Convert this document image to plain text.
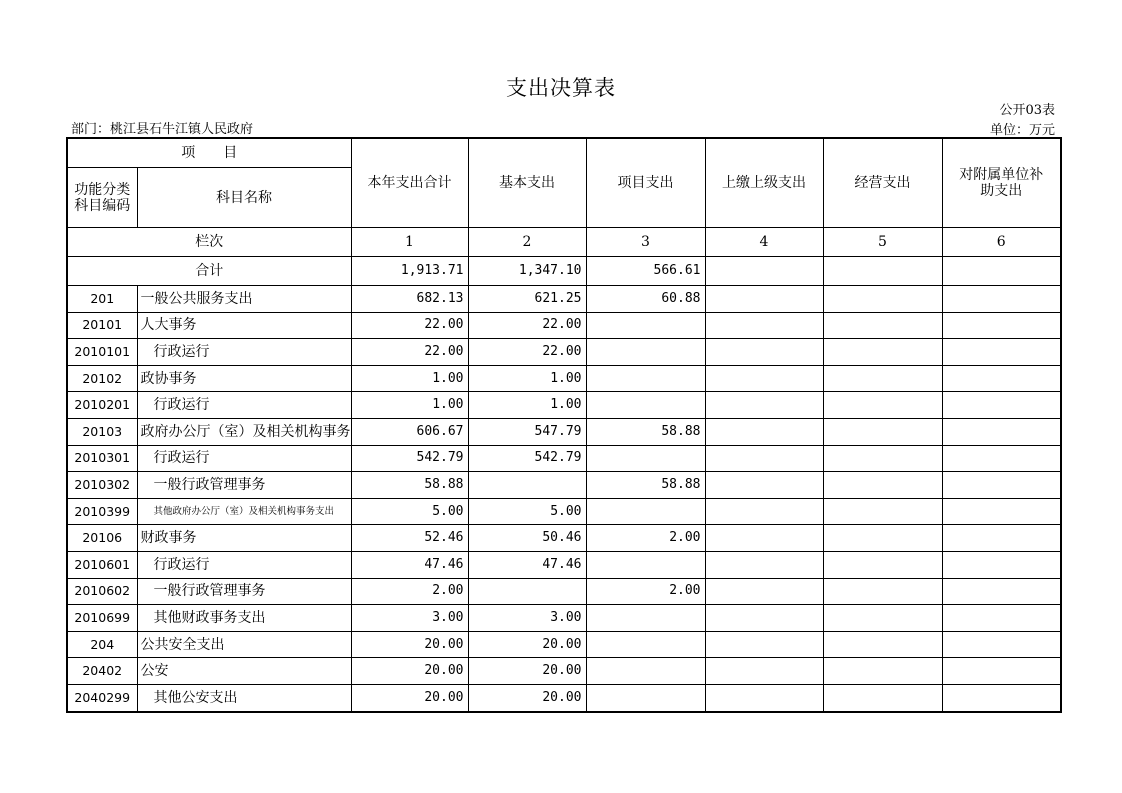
支出决算表
公开03表
部门：桃江县石牛江镇人民政府	单位：万元
项　　目		本年支出合计	基本支出	项目支出	上缴上级支出	经营支出	对附属单位补助支出
功能分类科目编码	科目名称						
栏次		1	2	3	4	5	6
合计		1,913.71	1,347.10	566.61			
201	一般公共服务支出	682.13	621.25	60.88			
20101	人大事务	22.00	22.00				
2010101	行政运行	22.00	22.00				
20102	政协事务	1.00	1.00				
2010201	行政运行	1.00	1.00				
20103	政府办公厅（室）及相关机构事务	606.67	547.79	58.88			
2010301	行政运行	542.79	542.79				
2010302	一般行政管理事务	58.88		58.88			
2010399	其他政府办公厅（室）及相关机构事务支出	5.00	5.00				
20106	财政事务	52.46	50.46	2.00			
2010601	行政运行	47.46	47.46				
2010602	一般行政管理事务	2.00		2.00			
2010699	其他财政事务支出	3.00	3.00				
204	公共安全支出	20.00	20.00				
20402	公安	20.00	20.00				
2040299	其他公安支出	20.00	20.00				
